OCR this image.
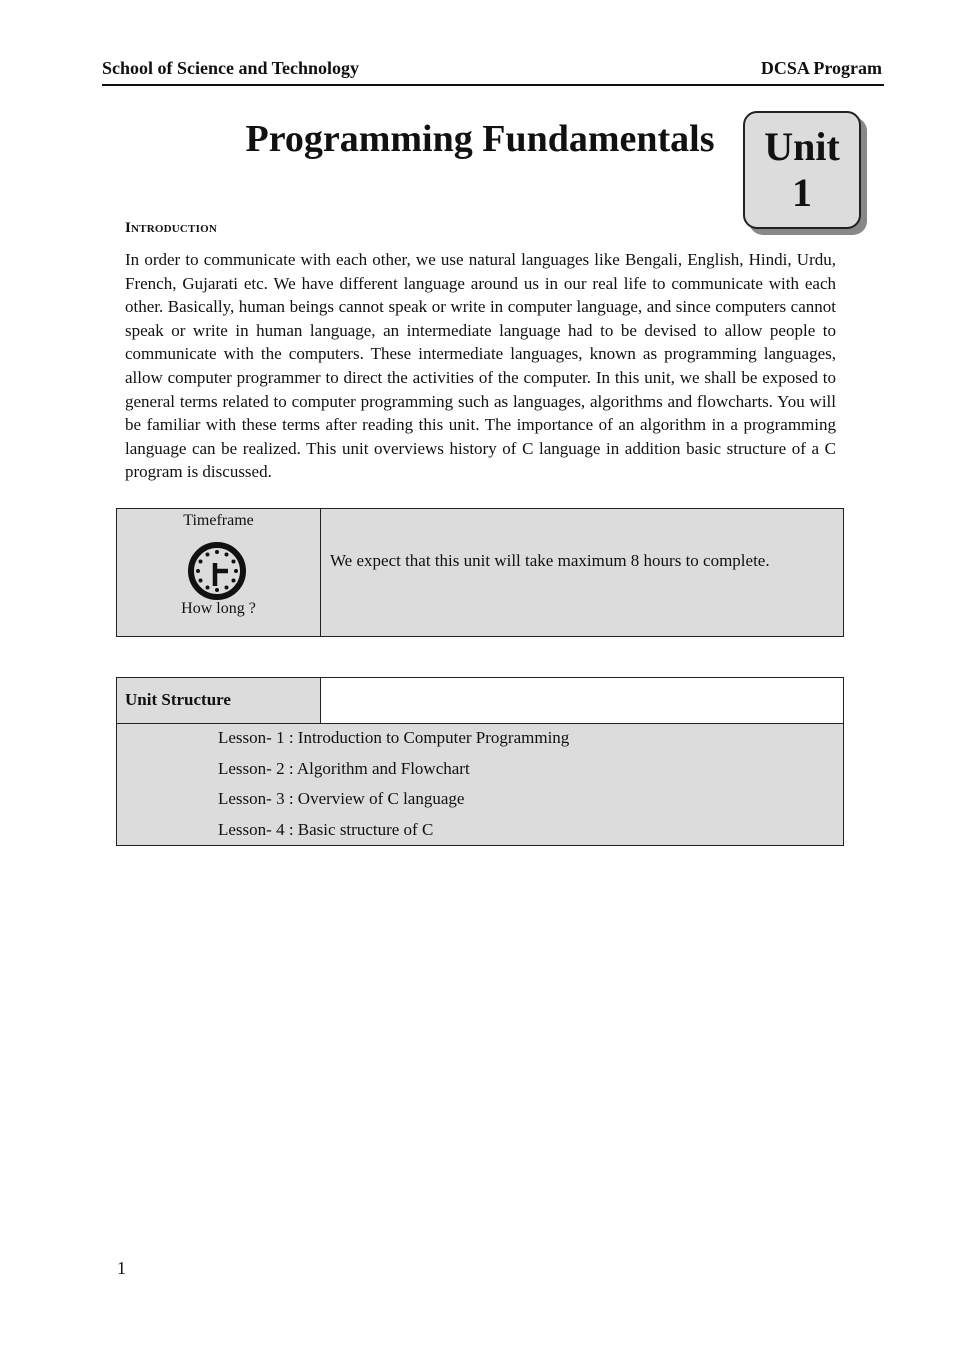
School of Science and Technology	DCSA Program
Programming Fundamentals	Unit
1
Introduction

In order to communicate with each other, we use natural languages like Bengali, English, Hindi, Urdu, French, Gujarati etc. We have different language around us in our real life to communicate with each other. Basically, human beings cannot speak or write in computer language, and since computers cannot speak or write in human language, an intermediate language had to be devised to allow people to communicate with the computers. These intermediate languages, known as programming languages, allow computer programmer to direct the activities of the computer. In this unit, we shall be exposed to general terms related to computer programming such as languages, algorithms and flowcharts. You will be familiar with these terms after reading this unit. The importance of an algorithm in a programming language can be realized. This unit overviews history of C language in addition basic structure of a C program is discussed.

Timeframe
How long ?
We expect that this unit will take maximum 8 hours to complete.
Unit Structure
Lesson- 1 : Introduction to Computer Programming
Lesson- 2 : Algorithm and Flowchart
Lesson- 3 : Overview of C language
Lesson- 4 : Basic structure of C
1
